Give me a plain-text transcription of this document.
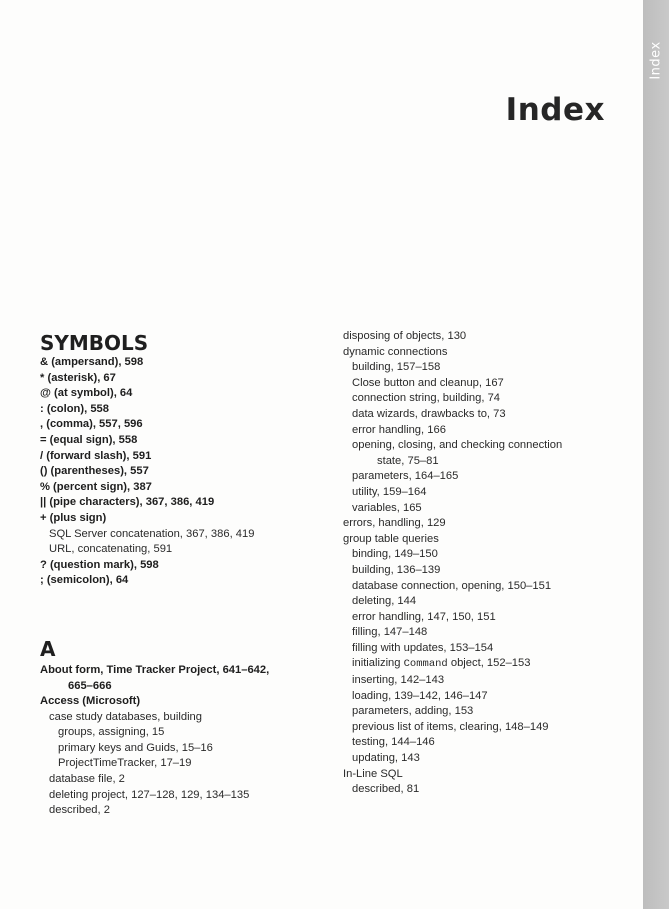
Index
Index
SYMBOLS
& (ampersand), 598
* (asterisk), 67
@ (at symbol), 64
: (colon), 558
, (comma), 557, 596
= (equal sign), 558
/ (forward slash), 591
() (parentheses), 557
% (percent sign), 387
|| (pipe characters), 367, 386, 419
+ (plus sign)
SQL Server concatenation, 367, 386, 419
URL, concatenating, 591
? (question mark), 598
; (semicolon), 64
A
About form, Time Tracker Project, 641–642,
665–666
Access (Microsoft)
case study databases, building
groups, assigning, 15
primary keys and Guids, 15–16
ProjectTimeTracker, 17–19
database file, 2
deleting project, 127–128, 129, 134–135
described, 2
disposing of objects, 130
dynamic connections
building, 157–158
Close button and cleanup, 167
connection string, building, 74
data wizards, drawbacks to, 73
error handling, 166
opening, closing, and checking connection
state, 75–81
parameters, 164–165
utility, 159–164
variables, 165
errors, handling, 129
group table queries
binding, 149–150
building, 136–139
database connection, opening, 150–151
deleting, 144
error handling, 147, 150, 151
filling, 147–148
filling with updates, 153–154
initializing Command object, 152–153
inserting, 142–143
loading, 139–142, 146–147
parameters, adding, 153
previous list of items, clearing, 148–149
testing, 144–146
updating, 143
In-Line SQL
described, 81
